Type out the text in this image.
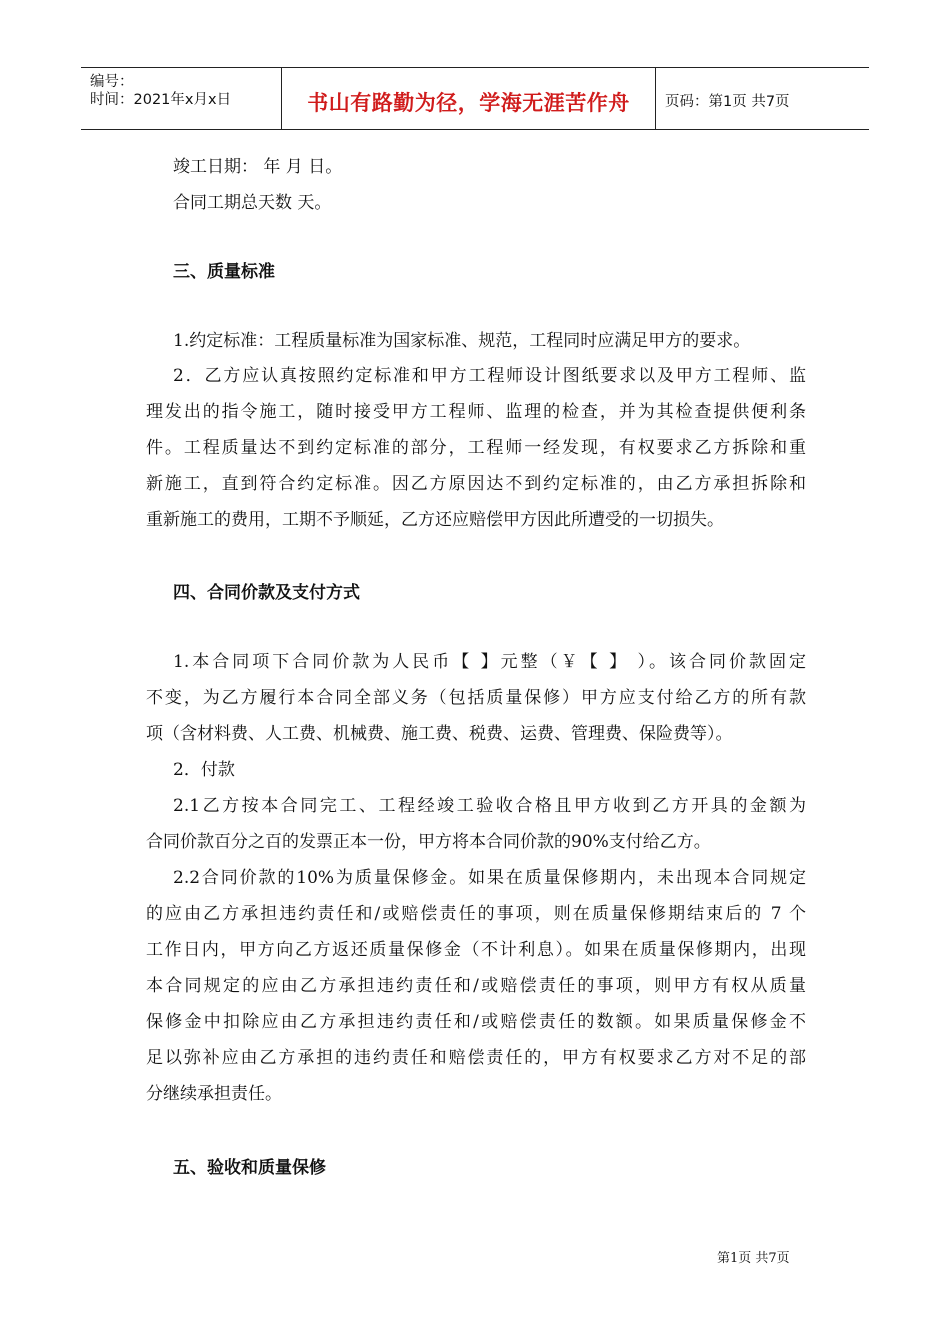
编号：
时间：2021年x月x日	书山有路勤为径，学海无涯苦作舟	页码：第1页 共7页
竣工日期： 年 月 日。
合同工期总天数 天。
三、质量标准
1.约定标准：工程质量标准为国家标准、规范，工程同时应满足甲方的要求。
2．乙方应认真按照约定标准和甲方工程师设计图纸要求以及甲方工程师、监
理发出的指令施工，随时接受甲方工程师、监理的检查，并为其检查提供便利条
件。工程质量达不到约定标准的部分，工程师一经发现，有权要求乙方拆除和重
新施工，直到符合约定标准。因乙方原因达不到约定标准的，由乙方承担拆除和
重新施工的费用，工期不予顺延，乙方还应赔偿甲方因此所遭受的一切损失。
四、合同价款及支付方式
1.本合同项下合同价款为人民币【 】元整（￥【 】 ）。该合同价款固定
不变，为乙方履行本合同全部义务（包括质量保修）甲方应支付给乙方的所有款
项（含材料费、人工费、机械费、施工费、税费、运费、管理费、保险费等）。
2．付款
2.1乙方按本合同完工、工程经竣工验收合格且甲方收到乙方开具的金额为
合同价款百分之百的发票正本一份，甲方将本合同价款的90%支付给乙方。
2.2合同价款的10%为质量保修金。如果在质量保修期内，未出现本合同规定
的应由乙方承担违约责任和/或赔偿责任的事项，则在质量保修期结束后的 7 个
工作日内，甲方向乙方返还质量保修金（不计利息）。如果在质量保修期内，出现
本合同规定的应由乙方承担违约责任和/或赔偿责任的事项，则甲方有权从质量
保修金中扣除应由乙方承担违约责任和/或赔偿责任的数额。如果质量保修金不
足以弥补应由乙方承担的违约责任和赔偿责任的，甲方有权要求乙方对不足的部
分继续承担责任。
五、验收和质量保修
第1页 共7页
